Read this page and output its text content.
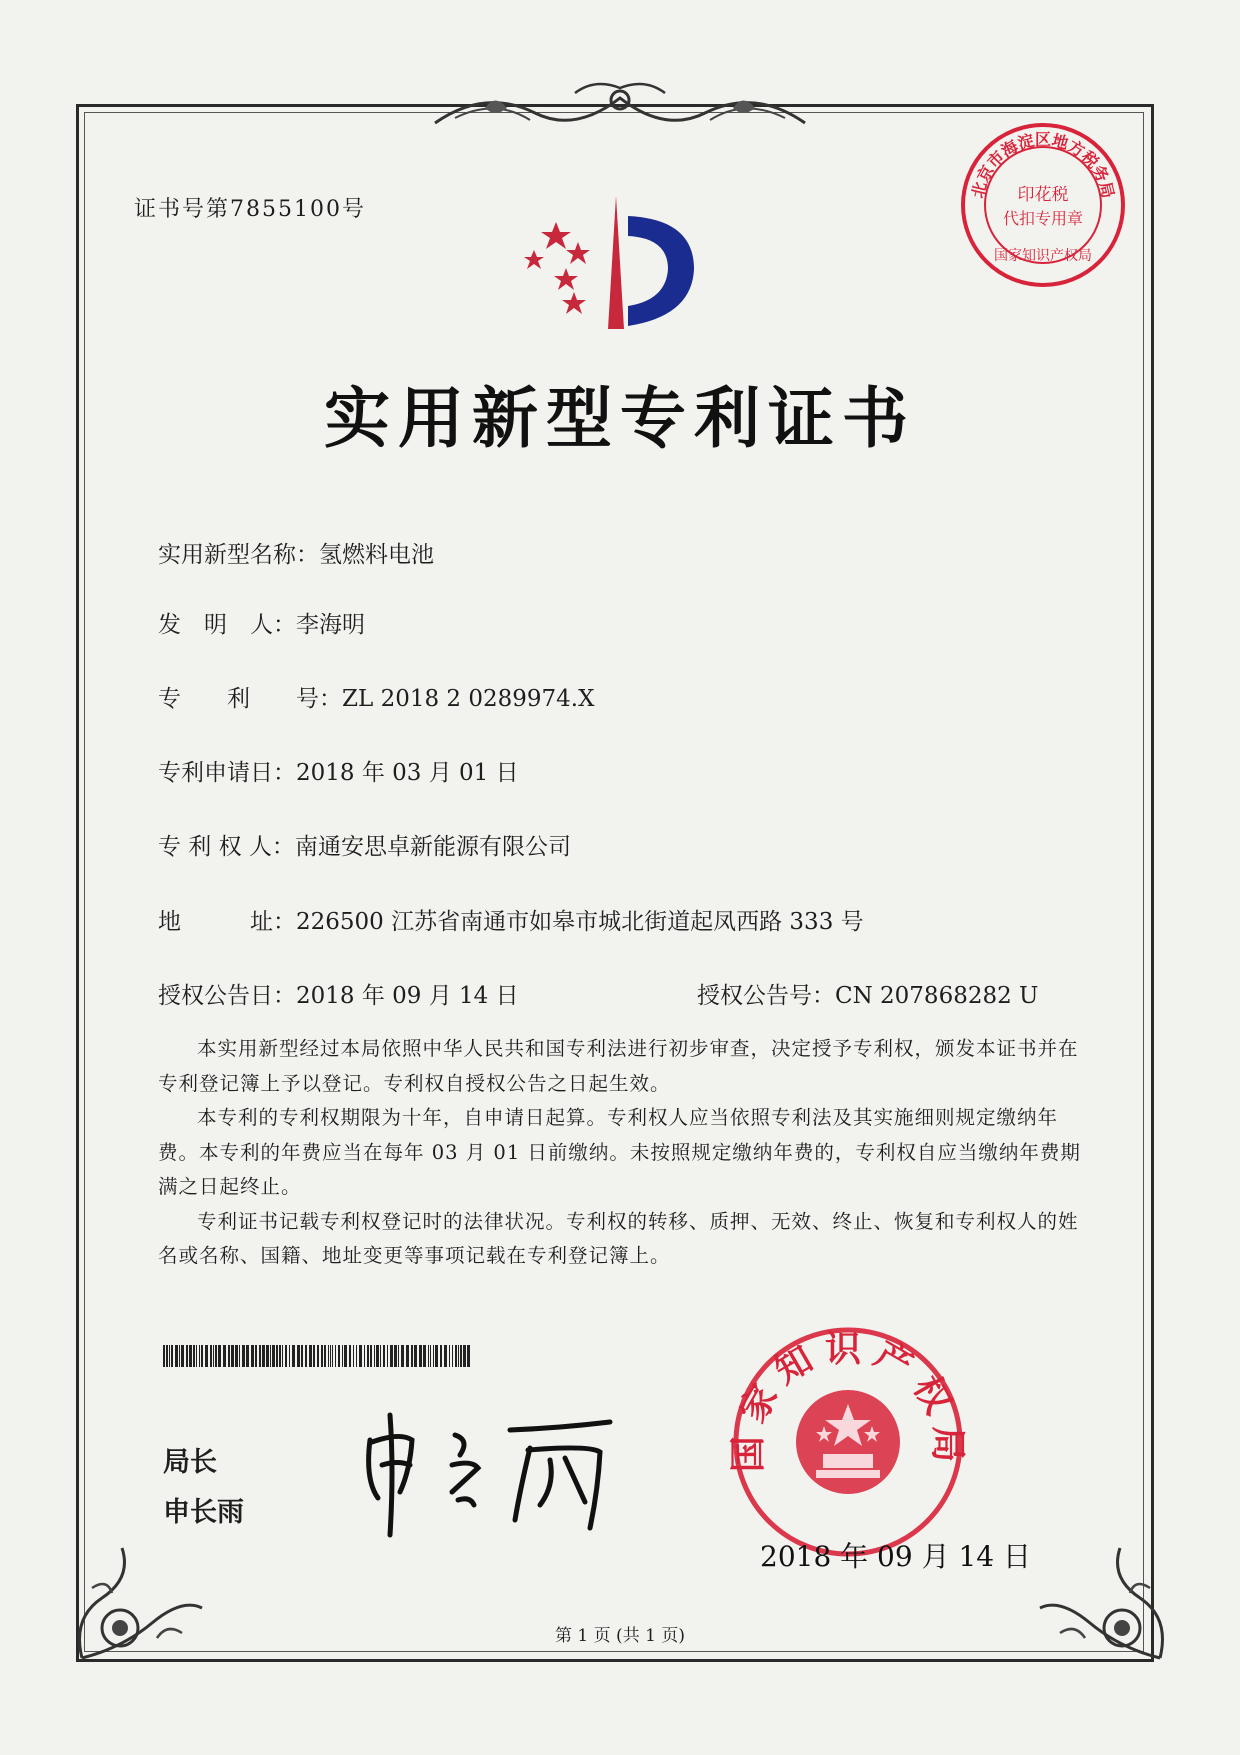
证书号第7855100号
印花税
代扣专用章
北京市海淀区地方税务局
国家知识产权局
实用新型专利证书
实用新型名称：氢燃料电池
发　明　人：李海明
专　　利　　号：ZL 2018 2 0289974.X
专利申请日：2018 年 03 月 01 日
专 利 权 人：南通安思卓新能源有限公司
地　　　址：226500 江苏省南通市如皋市城北街道起凤西路 333 号
授权公告日：2018 年 09 月 14 日	授权公告号：CN 207868282 U

本实用新型经过本局依照中华人民共和国专利法进行初步审查，决定授予专利权，颁发本证书并在专利登记簿上予以登记。专利权自授权公告之日起生效。

本专利的专利权期限为十年，自申请日起算。专利权人应当依照专利法及其实施细则规定缴纳年费。本专利的年费应当在每年 03 月 01 日前缴纳。未按照规定缴纳年费的，专利权自应当缴纳年费期满之日起终止。

专利证书记载专利权登记时的法律状况。专利权的转移、质押、无效、终止、恢复和专利权人的姓名或名称、国籍、地址变更等事项记载在专利登记簿上。

局长
申长雨
国家知识产权局
2018 年 09 月 14 日
第 1 页 (共 1 页)
